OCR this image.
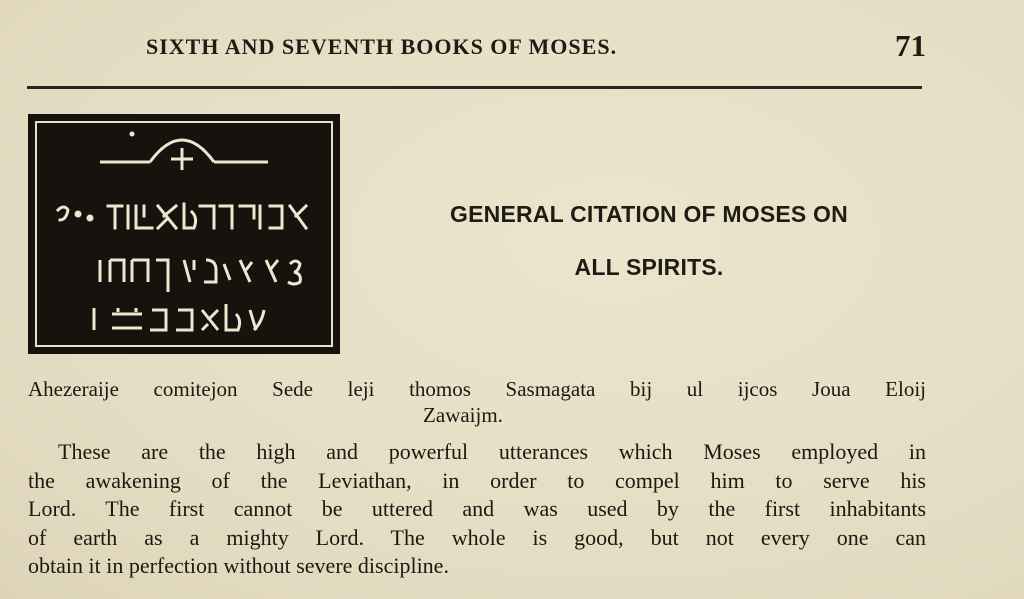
SIXTH AND SEVENTH BOOKS OF MOSES.	71
GENERAL CITATION OF MOSES ON
ALL SPIRITS.
Ahezeraije comitejon Sede leji thomos Sasmagata bij ul ijcos Joua Eloij
Zawaijm.
These are the high and powerful utterances which Moses employed in
the awakening of the Leviathan, in order to compel him to serve his
Lord. The first cannot be uttered and was used by the first inhabitants
of earth as a mighty Lord. The whole is good, but not every one can
obtain it in perfection without severe discipline.
